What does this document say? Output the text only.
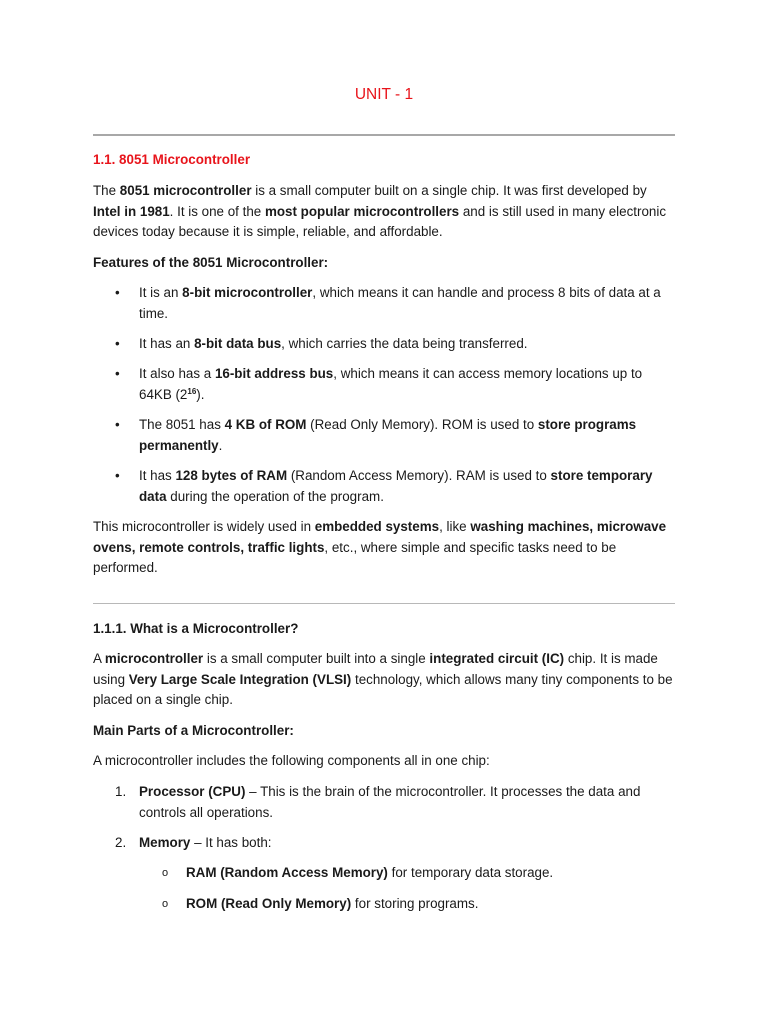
UNIT - 1
1.1. 8051 Microcontroller
The 8051 microcontroller is a small computer built on a single chip. It was first developed by Intel in 1981. It is one of the most popular microcontrollers and is still used in many electronic devices today because it is simple, reliable, and affordable.
Features of the 8051 Microcontroller:
• It is an 8-bit microcontroller, which means it can handle and process 8 bits of data at a time.
• It has an 8-bit data bus, which carries the data being transferred.
• It also has a 16-bit address bus, which means it can access memory locations up to 64KB $(2^{16})$.
• The 8051 has 4 KB of ROM (Read Only Memory). ROM is used to store programs permanently.
• It has 128 bytes of RAM (Random Access Memory). RAM is used to store temporary data during the operation of the program.
This microcontroller is widely used in embedded systems, like washing machines, microwave ovens, remote controls, traffic lights, etc., where simple and specific tasks need to be performed.
1.1.1. What is a Microcontroller?
A microcontroller is a small computer built into a single integrated circuit (IC) chip. It is made using Very Large Scale Integration (VLSI) technology, which allows many tiny components to be placed on a single chip.
Main Parts of a Microcontroller:
A microcontroller includes the following components all in one chip:
1. Processor (CPU) – This is the brain of the microcontroller. It processes the data and controls all operations.
2. Memory – It has both:
o RAM (Random Access Memory) for temporary data storage.
o ROM (Read Only Memory) for storing programs.
